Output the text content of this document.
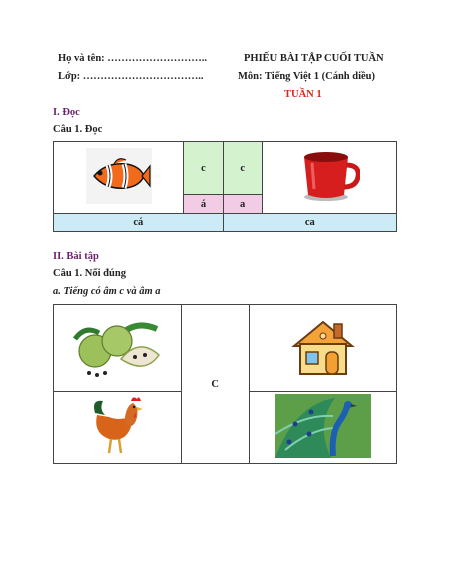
Họ và tên: ………………………..
Lớp: ……………………………..
PHIẾU BÀI TẬP CUỐI TUẦN
Môn: Tiếng Việt 1 (Cánh diều)
TUẦN 1
I. Đọc
Câu 1. Đọc
	c	c	
	á	a	
cá		ca	
II. Bài tập
Câu 1. Nối đúng
a. Tiếng có âm c và âm a
	C	
